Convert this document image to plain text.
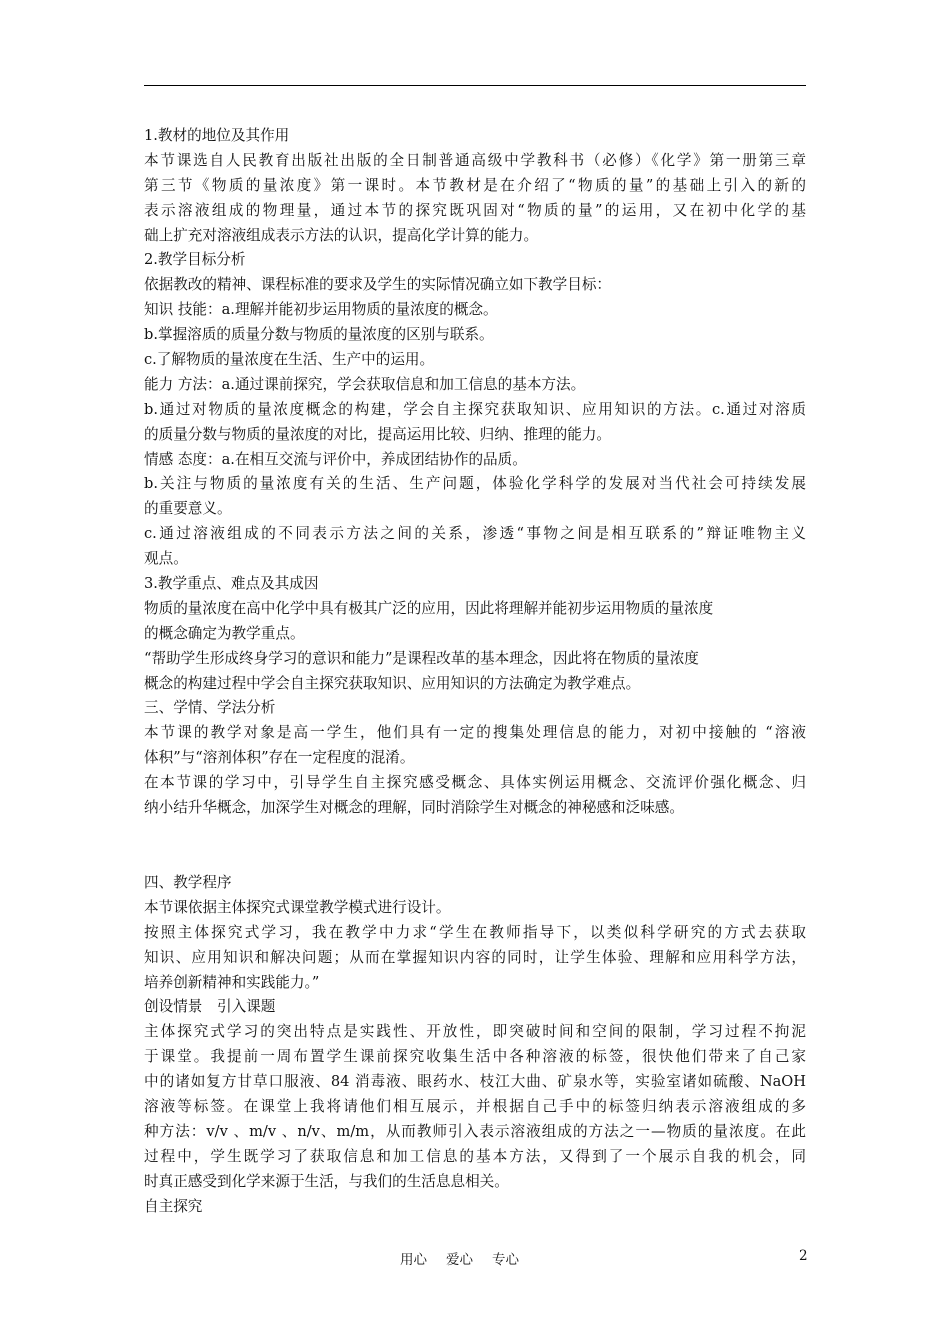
1.教材的地位及其作用
本节课选自人民教育出版社出版的全日制普通高级中学教科书（必修）《化学》第一册第三章
第三节《物质的量浓度》第一课时。本节教材是在介绍了“物质的量”的基础上引入的新的
表示溶液组成的物理量，通过本节的探究既巩固对“物质的量”的运用，又在初中化学的基
础上扩充对溶液组成表示方法的认识，提高化学计算的能力。
2.教学目标分析
依据教改的精神、课程标准的要求及学生的实际情况确立如下教学目标：
知识 技能：a.理解并能初步运用物质的量浓度的概念。
b.掌握溶质的质量分数与物质的量浓度的区别与联系。
c.了解物质的量浓度在生活、生产中的运用。
能力 方法：a.通过课前探究，学会获取信息和加工信息的基本方法。
b.通过对物质的量浓度概念的构建，学会自主探究获取知识、应用知识的方法。c.通过对溶质
的质量分数与物质的量浓度的对比，提高运用比较、归纳、推理的能力。
情感 态度：a.在相互交流与评价中，养成团结协作的品质。
b.关注与物质的量浓度有关的生活、生产问题，体验化学科学的发展对当代社会可持续发展
的重要意义。
c.通过溶液组成的不同表示方法之间的关系，渗透“事物之间是相互联系的”辩证唯物主义
观点。
3.教学重点、难点及其成因
物质的量浓度在高中化学中具有极其广泛的应用，因此将理解并能初步运用物质的量浓度
的概念确定为教学重点。
“帮助学生形成终身学习的意识和能力”是课程改革的基本理念，因此将在物质的量浓度
概念的构建过程中学会自主探究获取知识、应用知识的方法确定为教学难点。
三、学情、学法分析
本节课的教学对象是高一学生，他们具有一定的搜集处理信息的能力，对初中接触的 “溶液
体积”与“溶剂体积”存在一定程度的混淆。
在本节课的学习中，引导学生自主探究感受概念、具体实例运用概念、交流评价强化概念、归
纳小结升华概念，加深学生对概念的理解，同时消除学生对概念的神秘感和泛味感。
四、教学程序
本节课依据主体探究式课堂教学模式进行设计。
按照主体探究式学习，我在教学中力求“学生在教师指导下，以类似科学研究的方式去获取
知识、应用知识和解决问题；从而在掌握知识内容的同时，让学生体验、理解和应用科学方法，
培养创新精神和实践能力。”
创设情景　引入课题
主体探究式学习的突出特点是实践性、开放性，即突破时间和空间的限制，学习过程不拘泥
于课堂。我提前一周布置学生课前探究收集生活中各种溶液的标签，很快他们带来了自己家
中的诸如复方甘草口服液、84 消毒液、眼药水、枝江大曲、矿泉水等，实验室诸如硫酸、NaOH
溶液等标签。在课堂上我将请他们相互展示，并根据自己手中的标签归纳表示溶液组成的多
种方法：v/v 、m/v 、n/v、m/m，从而教师引入表示溶液组成的方法之一—物质的量浓度。在此
过程中，学生既学习了获取信息和加工信息的基本方法，又得到了一个展示自我的机会，同
时真正感受到化学来源于生活，与我们的生活息息相关。
自主探究
用心 爱心 专心	2
